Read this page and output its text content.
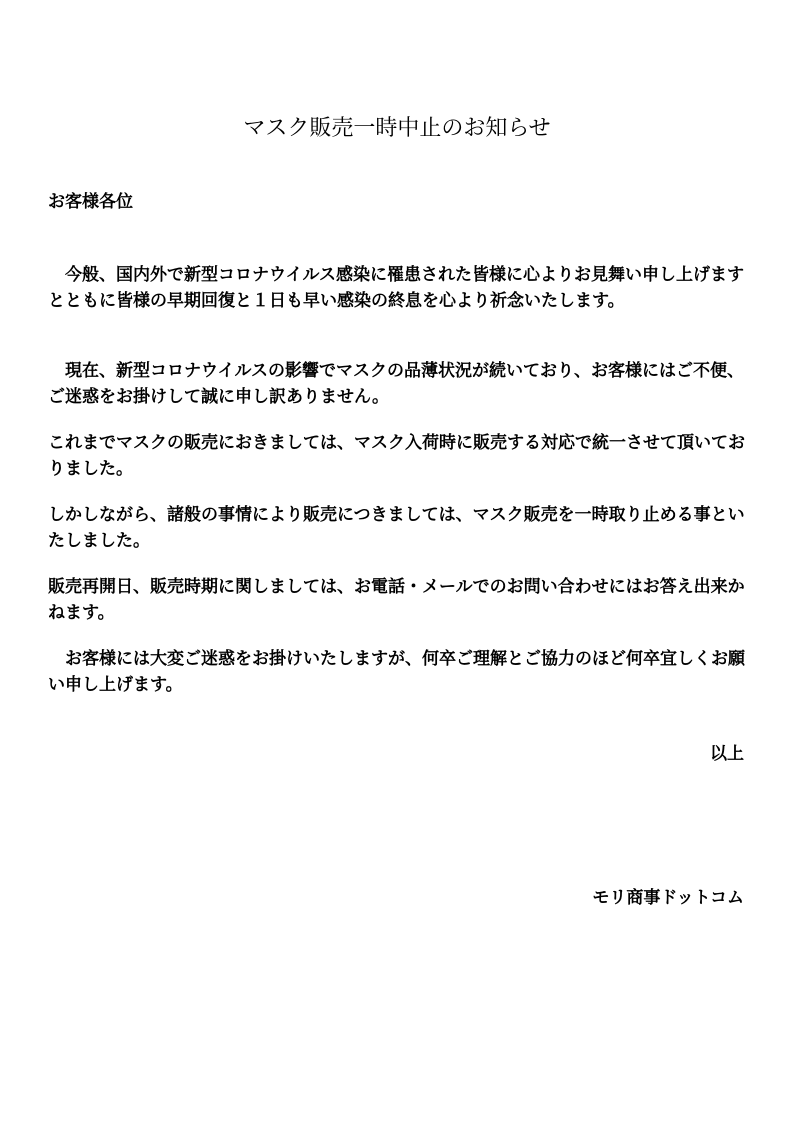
マスク販売一時中止のお知らせ

お客様各位

　今般、国内外で新型コロナウイルス感染に罹患された皆様に心よりお見舞い申し上げますとともに皆様の早期回復と１日も早い感染の終息を心より祈念いたします。

　現在、新型コロナウイルスの影響でマスクの品薄状況が続いており、お客様にはご不便、ご迷惑をお掛けして誠に申し訳ありません。

これまでマスクの販売におきましては、マスク入荷時に販売する対応で統一させて頂いておりました。

しかしながら、諸般の事情により販売につきましては、マスク販売を一時取り止める事といたしました。

販売再開日、販売時期に関しましては、お電話・メールでのお問い合わせにはお答え出来かねます。

　お客様には大変ご迷惑をお掛けいたしますが、何卒ご理解とご協力のほど何卒宜しくお願い申し上げます。

以上

モリ商事ドットコム
